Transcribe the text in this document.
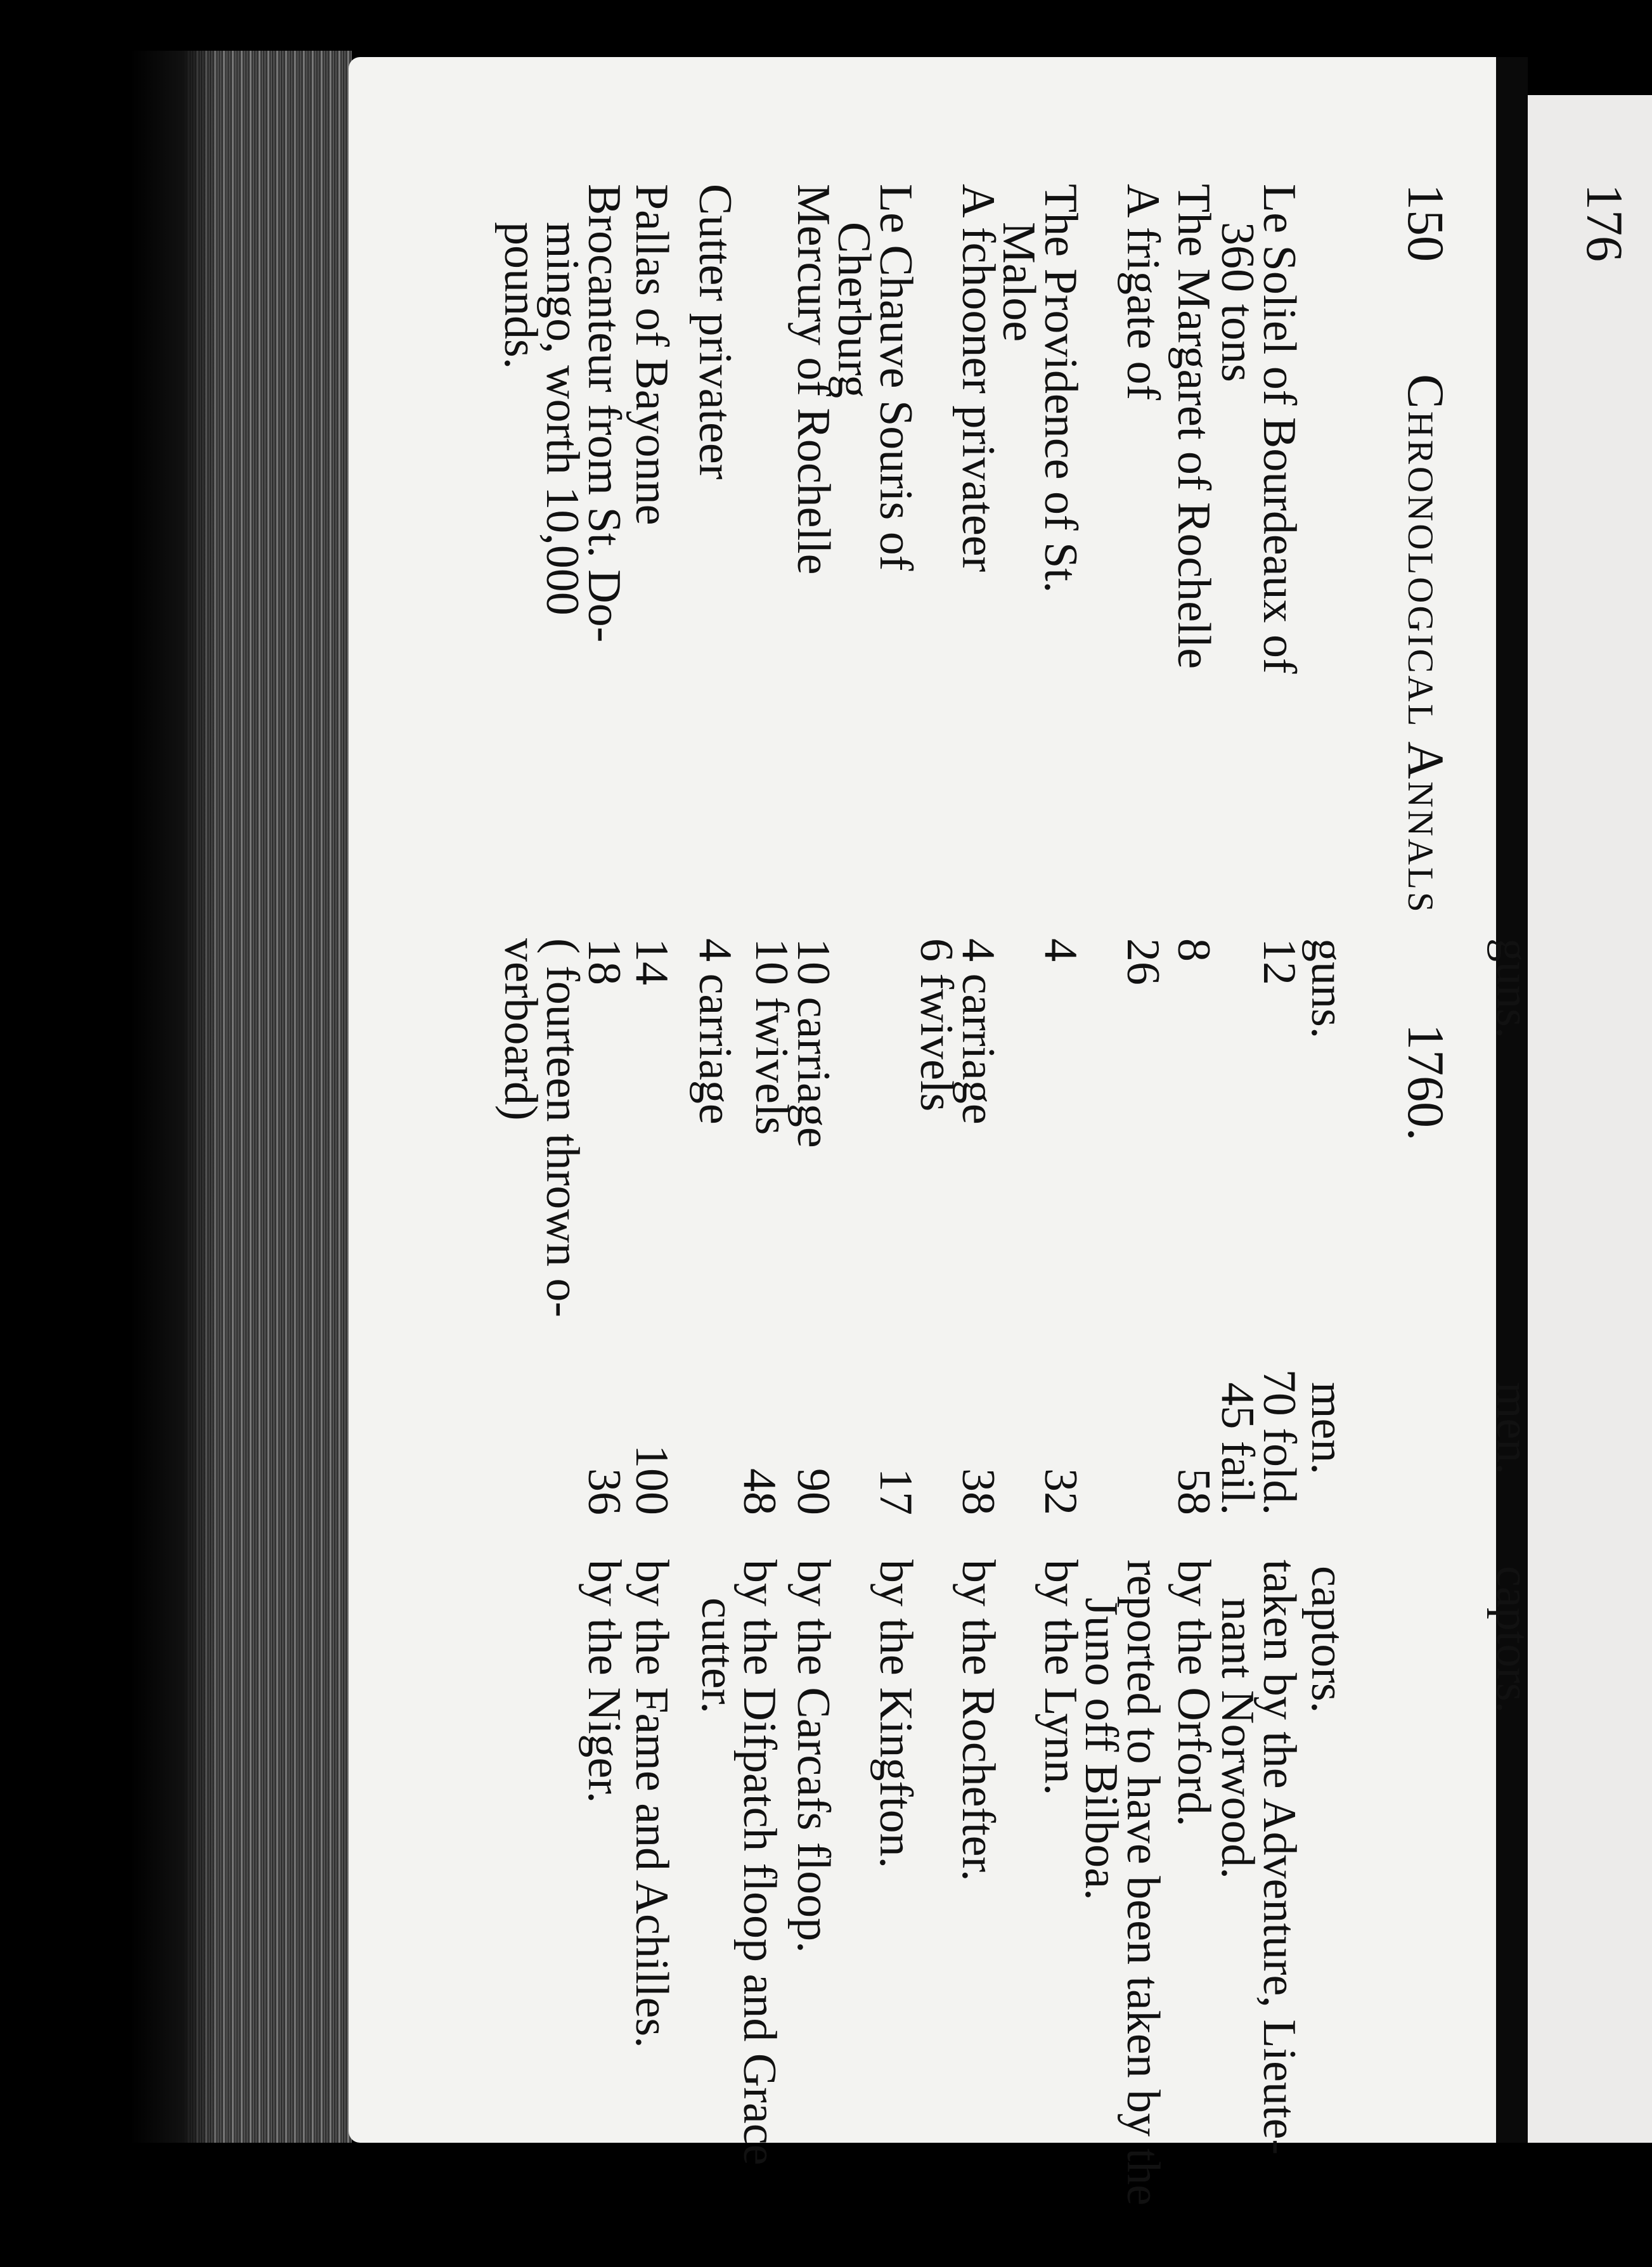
150
Chronological Annals
1760.
guns.
men.
captors.
Le Soliel of Bourdeaux of
360 tons
12
70 fold.
45 fail.
taken by the Adventure, Lieute-
nant Norwood.
The Margaret of Rochelle
8
58
by the Orford.
A frigate of
26
reported to have been taken by the
Juno off Bilboa.
The Providence of St.
Maloe
4
32
by the Lynn.
A fchooner privateer
4 carriage
6 fwivels
38
by the Rochefter.
Le Chauve Souris of
Cherburg
17
by the Kingfton.
Mercury of Rochelle
10 carriage
10 fwivels
90
by the Carcafs floop.
48
by the Difpatch floop and Grace
cutter.
Cutter privateer
4 carriage
Pallas of Bayonne
14
100
by the Fame and Achilles.
Brocanteur from St. Do-
mingo, worth 10,000
pounds.
18
( fourteen thrown o-
verboard)
36
by the Niger.
176
guns.
men.
captors.
